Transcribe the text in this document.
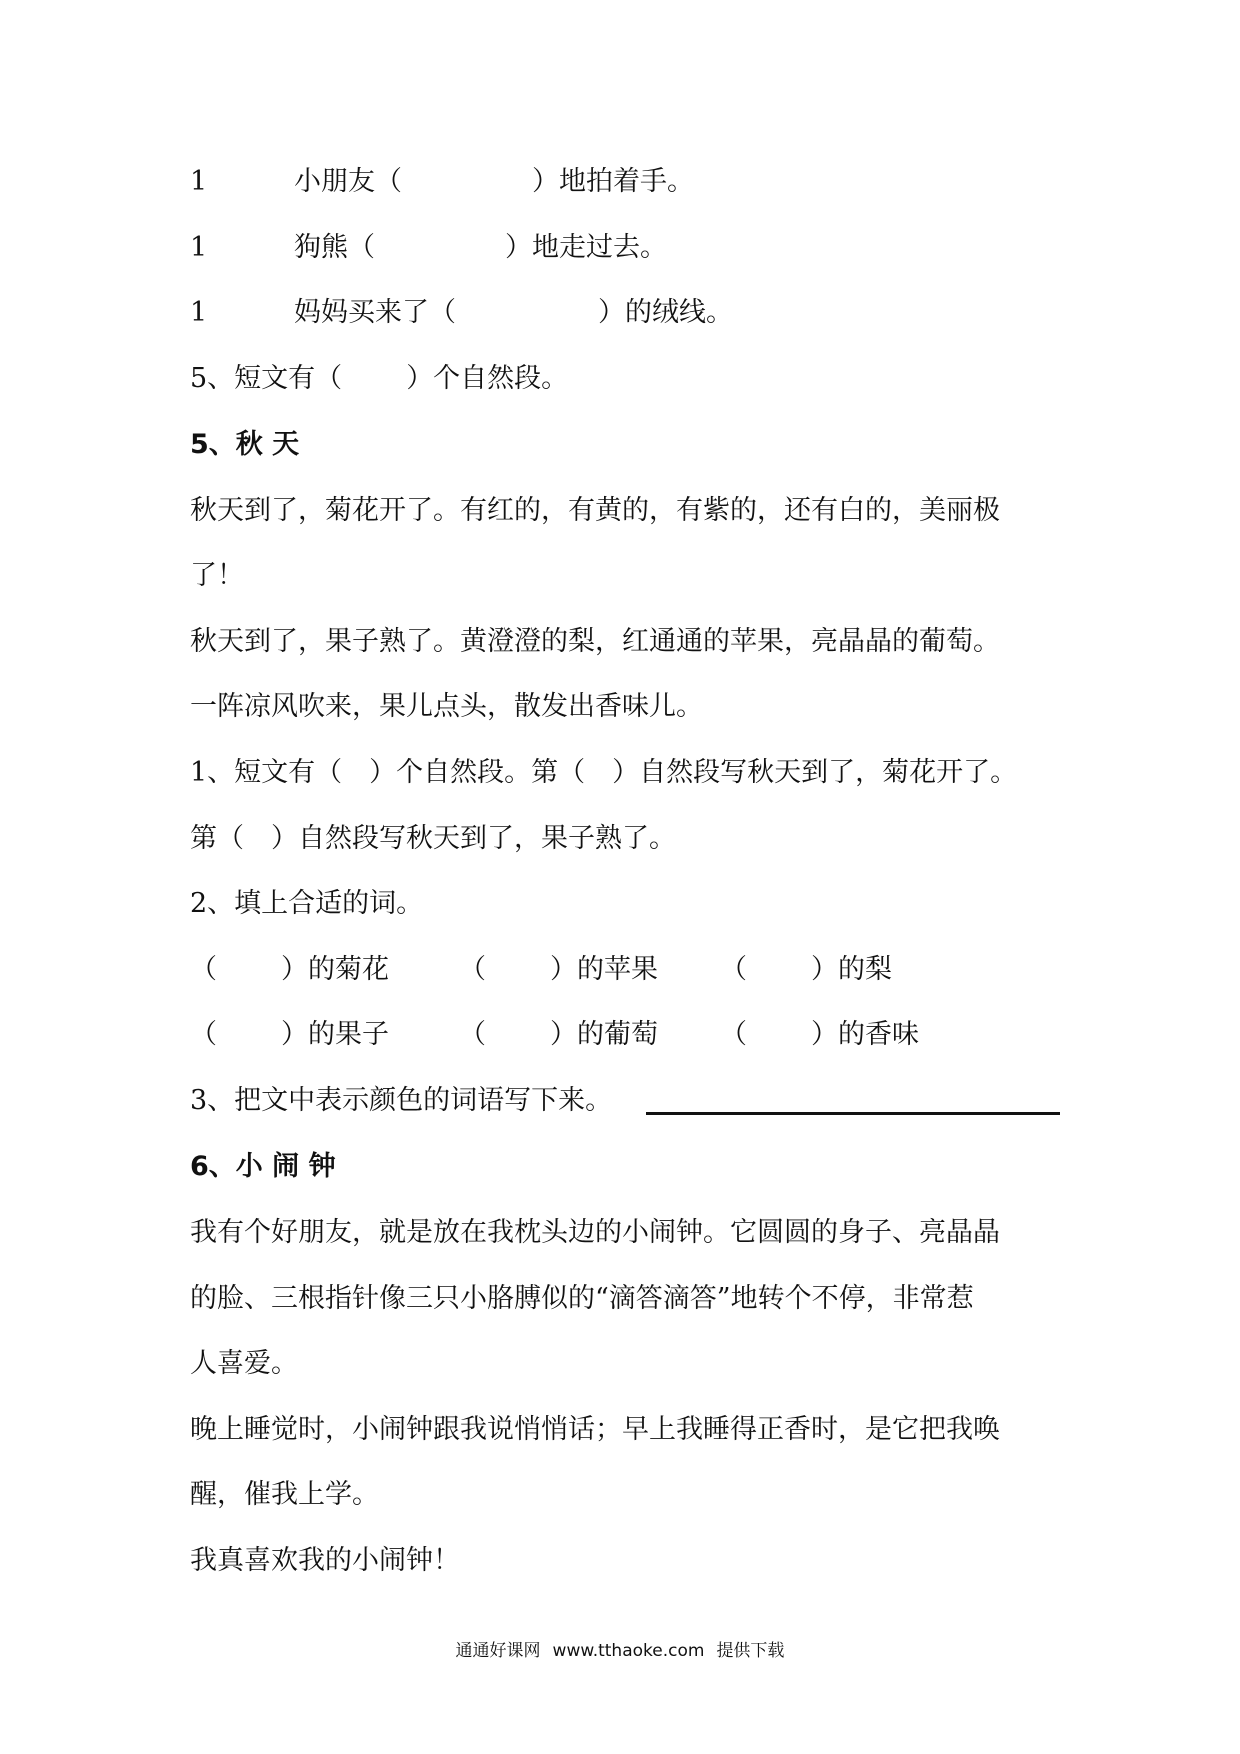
1	小朋友（	）地拍着手。
1	狗熊（	）地走过去。
1	妈妈买来了（	）的绒线。
5、短文有（ ）个自然段。
5、秋 天
秋天到了，菊花开了。有红的，有黄的，有紫的，还有白的，美丽极
了！
秋天到了，果子熟了。黄澄澄的梨，红通通的苹果，亮晶晶的葡萄。
一阵凉风吹来，果儿点头，散发出香味儿。
1、短文有（　）个自然段。第（　）自然段写秋天到了，菊花开了。
第（　）自然段写秋天到了，果子熟了。
2、填上合适的词。
（ ）的菊花	（ ）的苹果 （ ）的梨
（ ）的果子	（ ）的葡萄 （ ）的香味
3、把文中表示颜色的词语写下来。
6、小 闹 钟
我有个好朋友，就是放在我枕头边的小闹钟。它圆圆的身子、亮晶晶
的脸、三根指针像三只小胳膊似的“滴答滴答”地转个不停，非常惹
人喜爱。
晚上睡觉时，小闹钟跟我说悄悄话；早上我睡得正香时，是它把我唤
醒，催我上学。
我真喜欢我的小闹钟！
通通好课网 www.tthaoke.com 提供下载
